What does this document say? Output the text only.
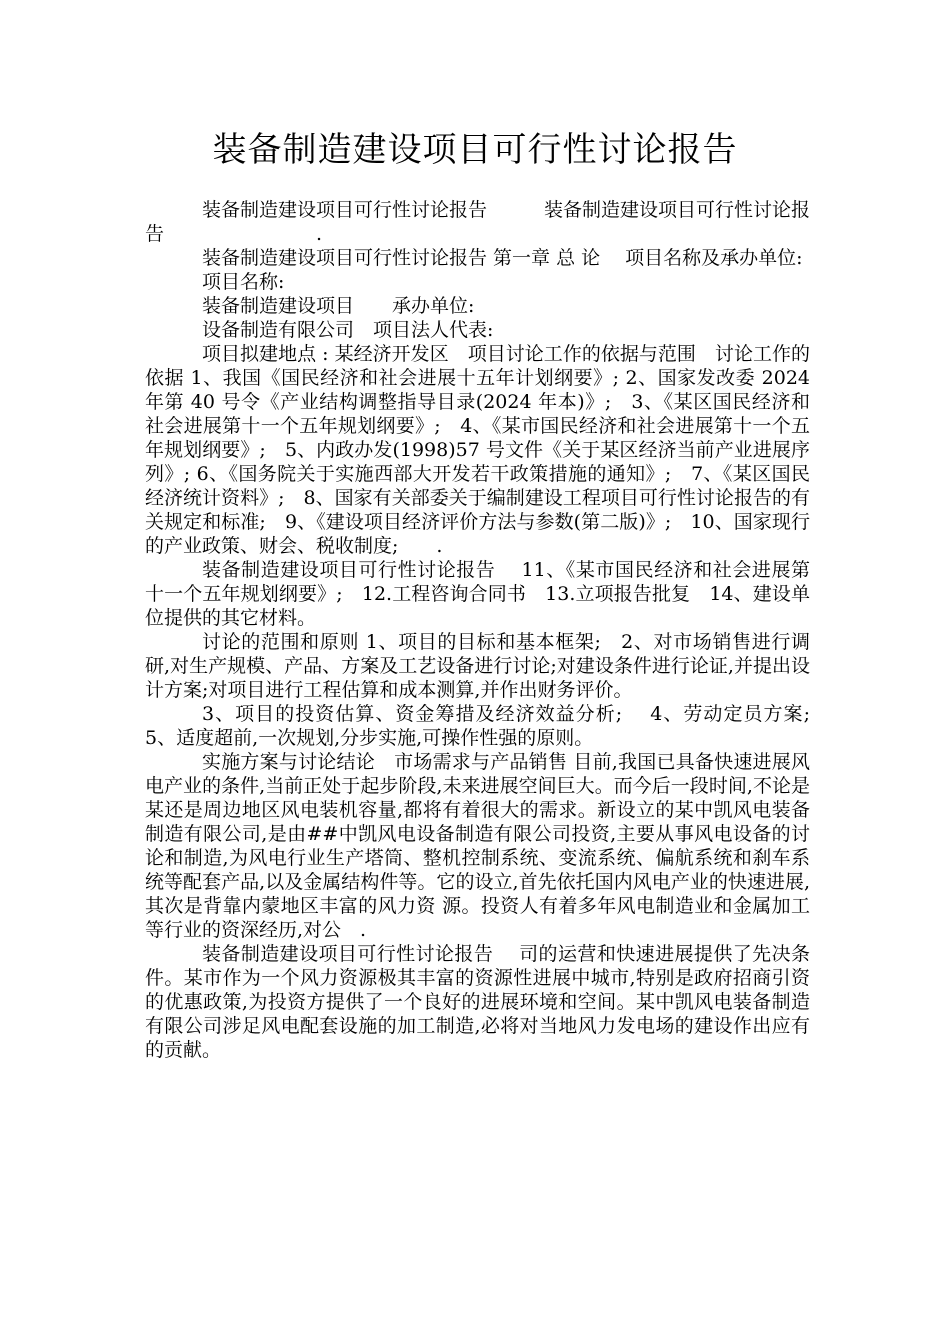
装备制造建设项目可行性讨论报告

装备制造建设项目可行性讨论报告　　　装备制造建设项目可行性讨论报告　　　　　　　　.

装备制造建设项目可行性讨论报告 第一章 总 论　 项目名称及承办单位:

项目名称:

装备制造建设项目　　承办单位:

设备制造有限公司　项目法人代表:

项目拟建地点 : 某经济开发区　项目讨论工作的依据与范围　讨论工作的依据 1、我国《国民经济和社会进展十五年计划纲要》; 2、国家发改委 2024 年第 40 号令《产业结构调整指导目录(2024 年本)》;　3、《某区国民经济和社会进展第十一个五年规划纲要》;　4、《某市国民经济和社会进展第十一个五年规划纲要》;　5、内政办发(1998)57 号文件《关于某区经济当前产业进展序列》; 6、《国务院关于实施西部大开发若干政策措施的通知》;　7、《某区国民经济统计资料》;　8、国家有关部委关于编制建设工程项目可行性讨论报告的有关规定和标准;　9、《建设项目经济评价方法与参数(第二版)》;　10、国家现行的产业政策、财会、税收制度;　　.

装备制造建设项目可行性讨论报告　 11、《某市国民经济和社会进展第十一个五年规划纲要》;　12.工程咨询合同书　13.立项报告批复　14、建设单位提供的其它材料。

讨论的范围和原则 1、项目的目标和基本框架;　2、对市场销售进行调研,对生产规模、产品、方案及工艺设备进行讨论;对建设条件进行论证,并提出设计方案;对项目进行工程估算和成本测算,并作出财务评价。

3、项目的投资估算、资金筹措及经济效益分析;　 4、劳动定员方案;　5、适度超前,一次规划,分步实施,可操作性强的原则。

实施方案与讨论结论　市场需求与产品销售 目前,我国已具备快速进展风电产业的条件,当前正处于起步阶段,未来进展空间巨大。而今后一段时间,不论是某还是周边地区风电装机容量,都将有着很大的需求。新设立的某中凯风电装备制造有限公司,是由##中凯风电设备制造有限公司投资,主要从事风电设备的讨论和制造,为风电行业生产塔筒、整机控制系统、变流系统、偏航系统和刹车系统等配套产品,以及金属结构件等。它的设立,首先依托国内风电产业的快速进展,其次是背靠内蒙地区丰富的风力资 源。投资人有着多年风电制造业和金属加工等行业的资深经历,对公　.

装备制造建设项目可行性讨论报告　 司的运营和快速进展提供了先决条件。某市作为一个风力资源极其丰富的资源性进展中城市,特别是政府招商引资的优惠政策,为投资方提供了一个良好的进展环境和空间。某中凯风电装备制造有限公司涉足风电配套设施的加工制造,必将对当地风力发电场的建设作出应有的贡献。
